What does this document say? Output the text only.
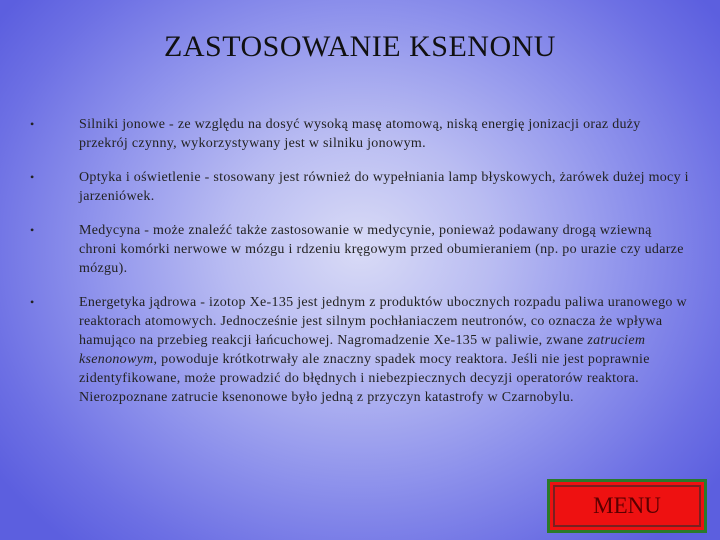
ZASTOSOWANIE KSENONU
•	Silniki jonowe - ze względu na dosyć wysoką masę atomową, niską energię jonizacji oraz duży przekrój czynny, wykorzystywany jest w silniku jonowym.
•	Optyka i oświetlenie - stosowany jest również do wypełniania lamp błyskowych, żarówek dużej mocy i jarzeniówek.
•	Medycyna - może znaleźć także zastosowanie w medycynie, ponieważ podawany drogą wziewną chroni komórki nerwowe w mózgu i rdzeniu kręgowym przed obumieraniem (np. po urazie czy udarze mózgu).
•	Energetyka jądrowa - izotop Xe-135 jest jednym z produktów ubocznych rozpadu paliwa uranowego w reaktorach atomowych. Jednocześnie jest silnym pochłaniaczem neutronów, co oznacza że wpływa hamująco na przebieg reakcji łańcuchowej. Nagromadzenie Xe-135 w paliwie, zwane zatruciem ksenonowym, powoduje krótkotrwały ale znaczny spadek mocy reaktora. Jeśli nie jest poprawnie zidentyfikowane, może prowadzić do błędnych i niebezpiecznych decyzji operatorów reaktora. Nierozpoznane zatrucie ksenonowe było jedną z przyczyn katastrofy w Czarnobylu.
MENU
